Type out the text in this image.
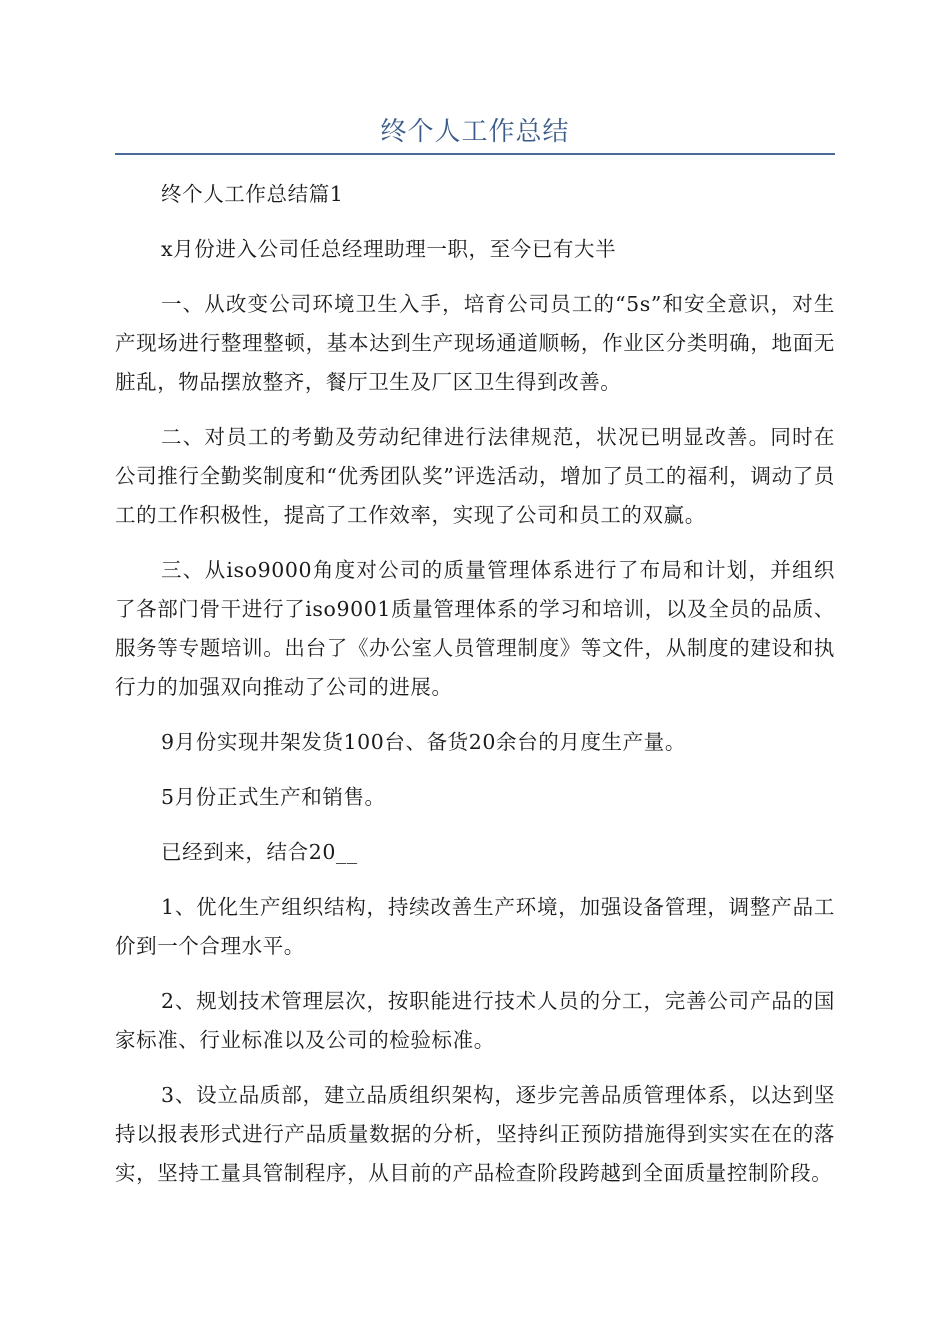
终个人工作总结

终个人工作总结篇1

x月份进入公司任总经理助理一职，至今已有大半

一、从改变公司环境卫生入手，培育公司员工的“5s”和安全意识，对生产现场进行整理整顿，基本达到生产现场通道顺畅，作业区分类明确，地面无脏乱，物品摆放整齐，餐厅卫生及厂区卫生得到改善。

二、对员工的考勤及劳动纪律进行法律规范，状况已明显改善。同时在公司推行全勤奖制度和“优秀团队奖”评选活动，增加了员工的福利，调动了员工的工作积极性，提高了工作效率，实现了公司和员工的双赢。

三、从iso9000角度对公司的质量管理体系进行了布局和计划，并组织了各部门骨干进行了iso9001质量管理体系的学习和培训，以及全员的品质、服务等专题培训。出台了《办公室人员管理制度》等文件，从制度的建设和执行力的加强双向推动了公司的进展。

9月份实现井架发货100台、备货20余台的月度生产量。

5月份正式生产和销售。

已经到来，结合20__

1、优化生产组织结构，持续改善生产环境，加强设备管理，调整产品工价到一个合理水平。

2、规划技术管理层次，按职能进行技术人员的分工，完善公司产品的国家标准、行业标准以及公司的检验标准。

3、设立品质部，建立品质组织架构，逐步完善品质管理体系，以达到坚持以报表形式进行产品质量数据的分析，坚持纠正预防措施得到实实在在的落实，坚持工量具管制程序，从目前的产品检查阶段跨越到全面质量控制阶段。
